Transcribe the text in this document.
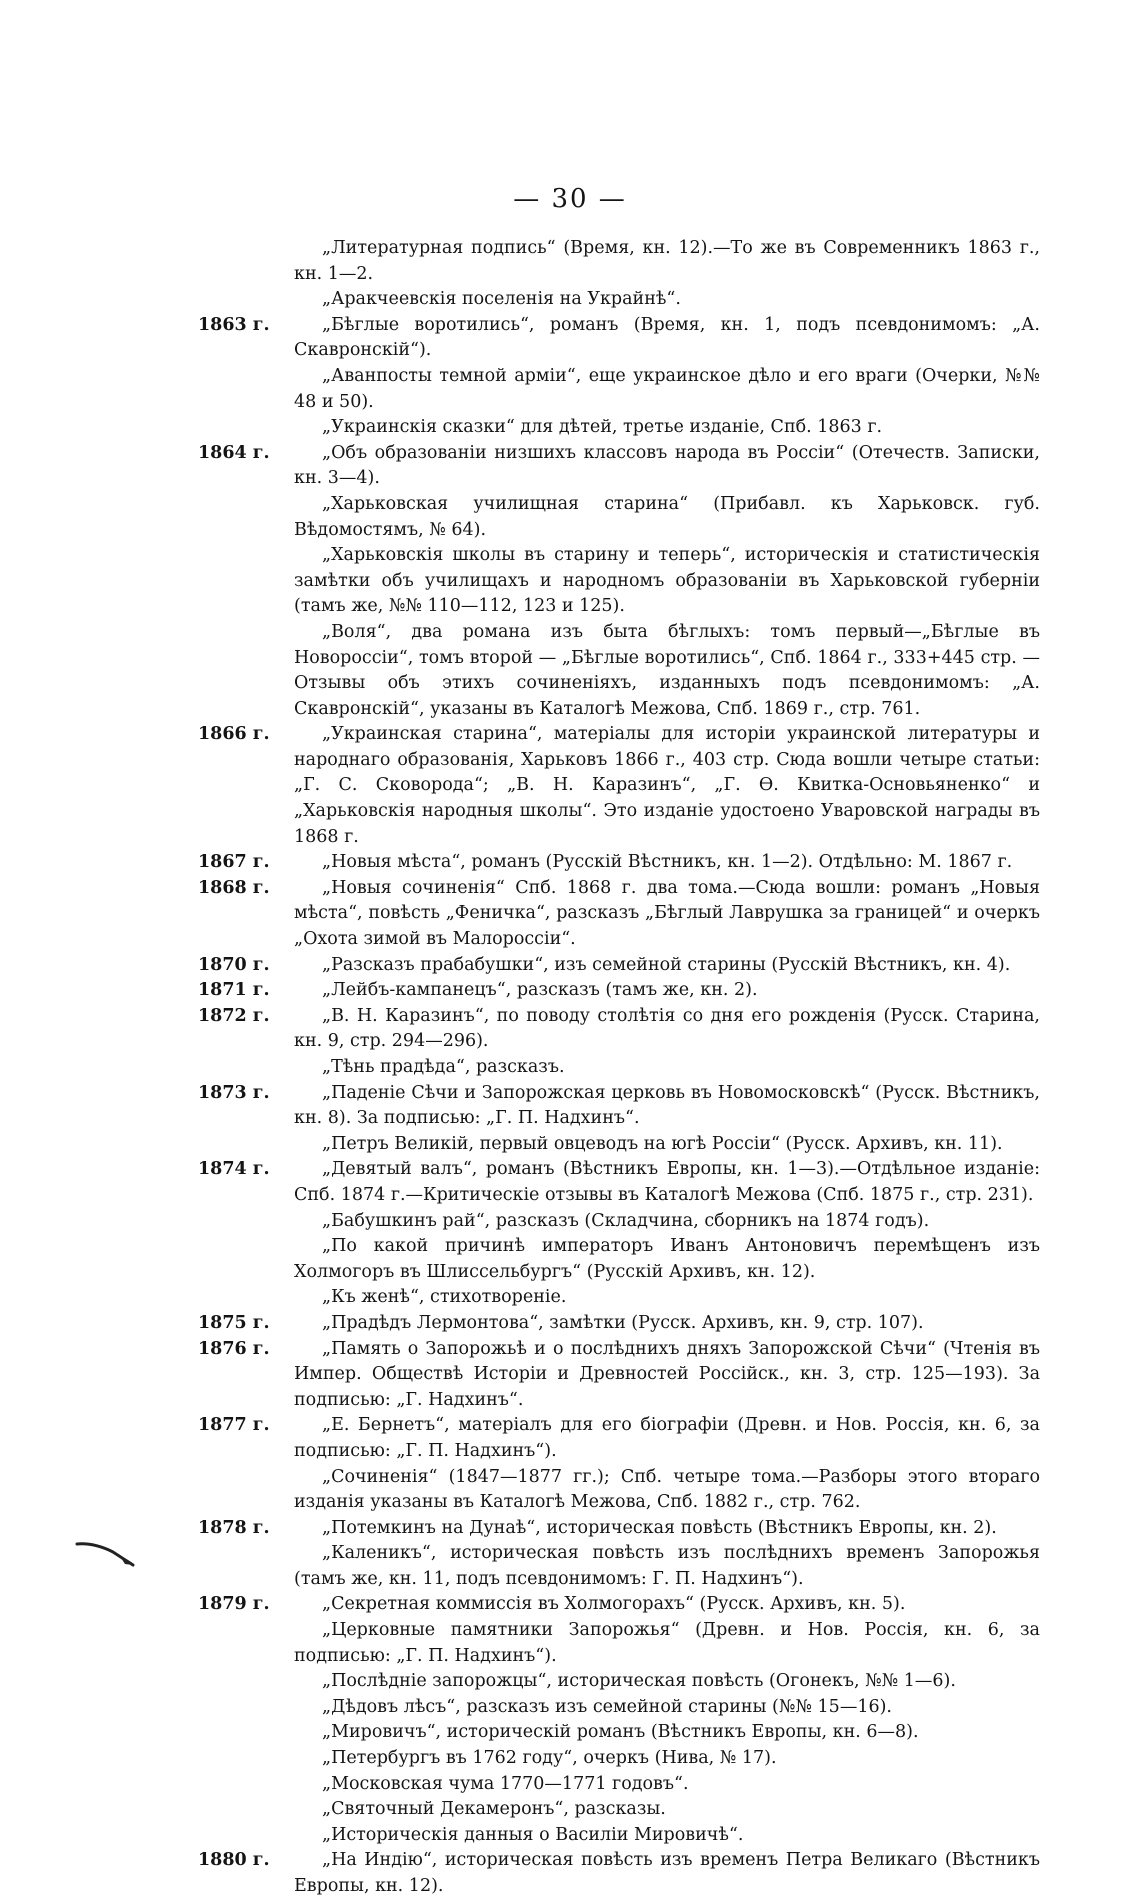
— 30 —

„Литературная подпись“ (Время, кн. 12).—То же въ Современникъ 1863 г., кн. 1—2.

„Аракчеевскія поселенія на Украйнѣ“.

1863 г.	„Бѣглые воротились“, романъ (Время, кн. 1, подъ псевдонимомъ: „А. Скавронскій“).

„Аванпосты темной арміи“, еще украинское дѣло и его враги (Очерки, №№ 48 и 50).

„Украинскія сказки“ для дѣтей, третье изданіе, Спб. 1863 г.

1864 г.	„Объ образованіи низшихъ классовъ народа въ Россіи“ (Отечеств. Записки, кн. 3—4).

„Харьковская училищная старина“ (Прибавл. къ Харьковск. губ. Вѣдомостямъ, № 64).

„Харьковскія школы въ старину и теперь“, историческія и статистическія замѣтки объ училищахъ и народномъ образованіи въ Харьковской губерніи (тамъ же, №№ 110—112, 123 и 125).

„Воля“, два романа изъ быта бѣглыхъ: томъ первый—„Бѣглые въ Новороссіи“, томъ второй — „Бѣглые воротились“, Спб. 1864 г., 333+445 стр. — Отзывы объ этихъ сочиненіяхъ, изданныхъ подъ псевдонимомъ: „А. Скавронскій“, указаны въ Каталогѣ Межова, Спб. 1869 г., стр. 761.

1866 г.	„Украинская старина“, матеріалы для исторіи украинской литературы и народнаго образованія, Харьковъ 1866 г., 403 стр. Сюда вошли четыре статьи: „Г. С. Сковорода“; „В. Н. Каразинъ“, „Г. Ѳ. Квитка-Основьяненко“ и „Харьковскія народныя школы“. Это изданіе удостоено Уваровской награды въ 1868 г.

1867 г.	„Новыя мѣста“, романъ (Русскій Вѣстникъ, кн. 1—2). Отдѣльно: М. 1867 г.

1868 г.	„Новыя сочиненія“ Спб. 1868 г. два тома.—Сюда вошли: романъ „Новыя мѣста“, повѣсть „Феничка“, разсказъ „Бѣглый Лаврушка за границей“ и очеркъ „Охота зимой въ Малороссіи“.

1870 г.	„Разсказъ прабабушки“, изъ семейной старины (Русскій Вѣстникъ, кн. 4).

1871 г.	„Лейбъ-кампанецъ“, разсказъ (тамъ же, кн. 2).

1872 г.	„В. Н. Каразинъ“, по поводу столѣтія со дня его рожденія (Русск. Старина, кн. 9, стр. 294—296).

„Тѣнь прадѣда“, разсказъ.

1873 г.	„Паденіе Сѣчи и Запорожская церковь въ Новомосковскѣ“ (Русск. Вѣстникъ, кн. 8). За подписью: „Г. П. Надхинъ“.

„Петръ Великій, первый овцеводъ на югѣ Россіи“ (Русск. Архивъ, кн. 11).

1874 г.	„Девятый валъ“, романъ (Вѣстникъ Европы, кн. 1—3).—Отдѣльное изданіе: Спб. 1874 г.—Критическіе отзывы въ Каталогѣ Межова (Спб. 1875 г., стр. 231).

„Бабушкинъ рай“, разсказъ (Складчина, сборникъ на 1874 годъ).

„По какой причинѣ императоръ Иванъ Антоновичъ перемѣщенъ изъ Холмогоръ въ Шлиссельбургъ“ (Русскій Архивъ, кн. 12).

„Къ женѣ“, стихотвореніе.

1875 г.	„Прадѣдъ Лермонтова“, замѣтки (Русск. Архивъ, кн. 9, стр. 107).

1876 г.	„Память о Запорожьѣ и о послѣднихъ дняхъ Запорожской Сѣчи“ (Чтенія въ Импер. Обществѣ Исторіи и Древностей Россійск., кн. 3, стр. 125—193). За подписью: „Г. Надхинъ“.

1877 г.	„Е. Бернетъ“, матеріалъ для его біографіи (Древн. и Нов. Россія, кн. 6, за подписью: „Г. П. Надхинъ“).

„Сочиненія“ (1847—1877 гг.); Спб. четыре тома.—Разборы этого втораго изданія указаны въ Каталогѣ Межова, Спб. 1882 г., стр. 762.

1878 г.	„Потемкинъ на Дунаѣ“, историческая повѣсть (Вѣстникъ Европы, кн. 2).

„Каленикъ“, историческая повѣсть изъ послѣднихъ временъ Запорожья (тамъ же, кн. 11, подъ псевдонимомъ: Г. П. Надхинъ“).

1879 г.	„Секретная коммиссія въ Холмогорахъ“ (Русск. Архивъ, кн. 5).

„Церковные памятники Запорожья“ (Древн. и Нов. Россія, кн. 6, за подписью: „Г. П. Надхинъ“).

„Послѣдніе запорожцы“, историческая повѣсть (Огонекъ, №№ 1—6).

„Дѣдовъ лѣсъ“, разсказъ изъ семейной старины (№№ 15—16).

„Мировичъ“, историческій романъ (Вѣстникъ Европы, кн. 6—8).

„Петербургъ въ 1762 году“, очеркъ (Нива, № 17).

„Московская чума 1770—1771 годовъ“.

„Святочный Декамеронъ“, разсказы.

„Историческія данныя о Василіи Мировичѣ“.

1880 г.	„На Индію“, историческая повѣсть изъ временъ Петра Великаго (Вѣстникъ Европы, кн. 12).
